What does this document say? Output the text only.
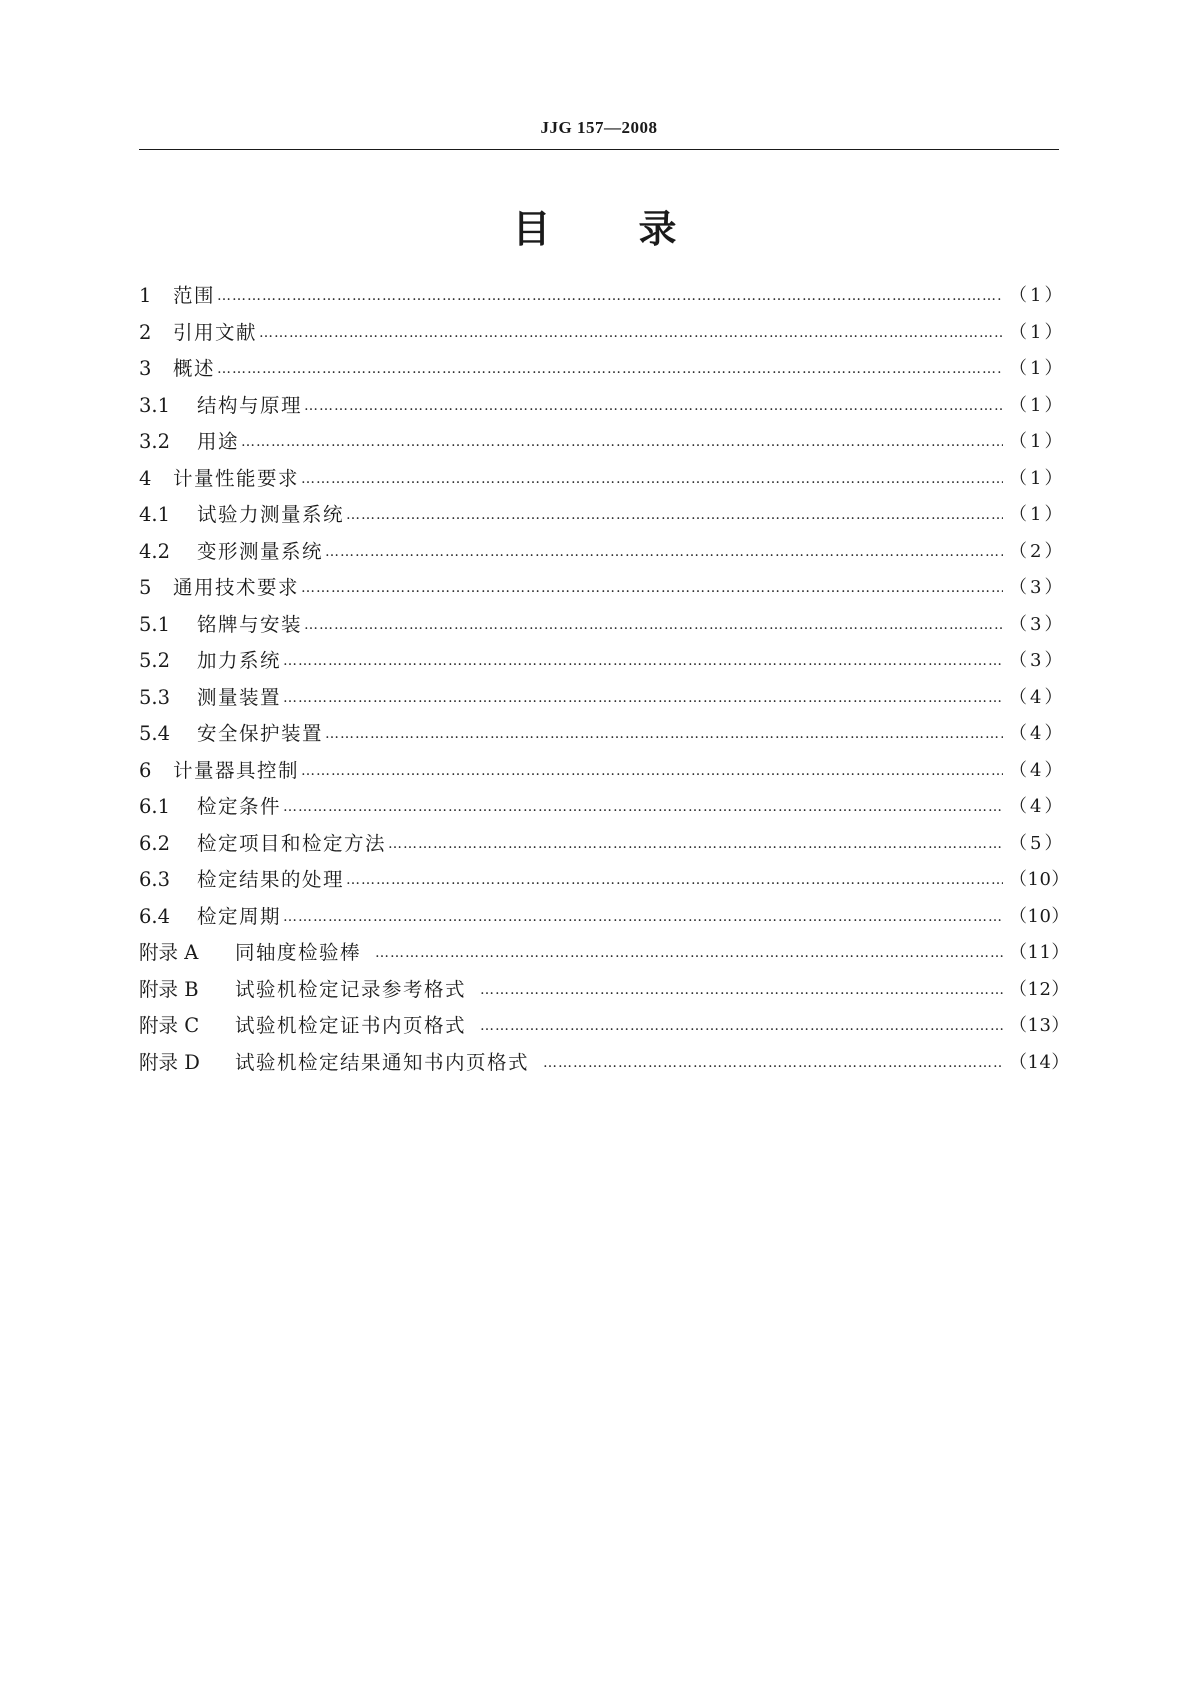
JJG 157—2008
目 录
1	范围 ……………………………………………………………………………………………………………………………………………………………………………………………………………………………………………………………………………………………………	（1）
2	引用文献 ……………………………………………………………………………………………………………………………………………………………………………………………………………………………………………………………………………………………………	（1）
3	概述 ……………………………………………………………………………………………………………………………………………………………………………………………………………………………………………………………………………………………………	（1）
3.1	结构与原理 ……………………………………………………………………………………………………………………………………………………………………………………………………………………………………………………………………………………………………	（1）
3.2	用途 ……………………………………………………………………………………………………………………………………………………………………………………………………………………………………………………………………………………………………	（1）
4	计量性能要求 ……………………………………………………………………………………………………………………………………………………………………………………………………………………………………………………………………………………………………	（1）
4.1	试验力测量系统 ……………………………………………………………………………………………………………………………………………………………………………………………………………………………………………………………………………………………………	（1）
4.2	变形测量系统 ……………………………………………………………………………………………………………………………………………………………………………………………………………………………………………………………………………………………………	（2）
5	通用技术要求 ……………………………………………………………………………………………………………………………………………………………………………………………………………………………………………………………………………………………………	（3）
5.1	铭牌与安装 ……………………………………………………………………………………………………………………………………………………………………………………………………………………………………………………………………………………………………	（3）
5.2	加力系统 ……………………………………………………………………………………………………………………………………………………………………………………………………………………………………………………………………………………………………	（3）
5.3	测量装置 ……………………………………………………………………………………………………………………………………………………………………………………………………………………………………………………………………………………………………	（4）
5.4	安全保护装置 ……………………………………………………………………………………………………………………………………………………………………………………………………………………………………………………………………………………………………	（4）
6	计量器具控制 ……………………………………………………………………………………………………………………………………………………………………………………………………………………………………………………………………………………………………	（4）
6.1	检定条件 ……………………………………………………………………………………………………………………………………………………………………………………………………………………………………………………………………………………………………	（4）
6.2	检定项目和检定方法 ……………………………………………………………………………………………………………………………………………………………………………………………………………………………………………………………………………………………………	（5）
6.3	检定结果的处理 ……………………………………………………………………………………………………………………………………………………………………………………………………………………………………………………………………………………………………	（10）
6.4	检定周期 ……………………………………………………………………………………………………………………………………………………………………………………………………………………………………………………………………………………………………	（10）
附录 A	同轴度检验棒 ……………………………………………………………………………………………………………………………………………………………………………………………………………………………………………………………………………………………………	（11）
附录 B	试验机检定记录参考格式 ……………………………………………………………………………………………………………………………………………………………………………………………………………………………………………………………………………………………………	（12）
附录 C	试验机检定证书内页格式 ……………………………………………………………………………………………………………………………………………………………………………………………………………………………………………………………………………………………………	（13）
附录 D	试验机检定结果通知书内页格式 ……………………………………………………………………………………………………………………………………………………………………………………………………………………………………………………………………………………………………	（14）
